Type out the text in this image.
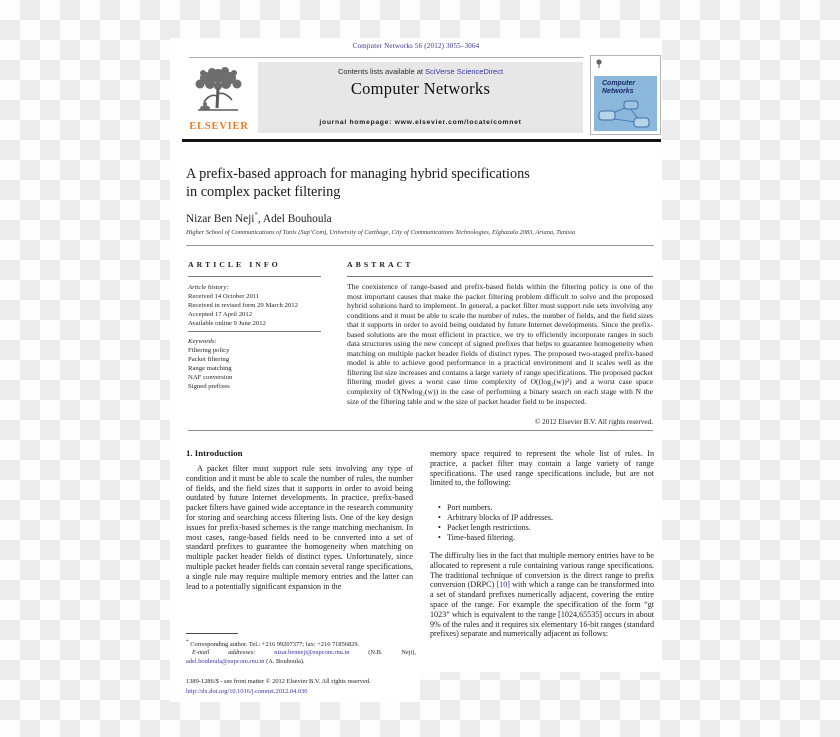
Computer Networks 56 (2012) 3055–3064
ELSEVIER
Contents lists available at SciVerse ScienceDirect
Computer Networks
journal homepage: www.elsevier.com/locate/comnet
Computer
Networks
A prefix-based approach for managing hybrid specifications
in complex packet filtering
Nizar Ben Neji*, Adel Bouhoula
Higher School of Communications of Tunis (Sup’Com), University of Carthage, City of Communications Technologies, Elghazala 2083, Ariana, Tunisia
ARTICLE INFO	ABSTRACT
Article history:
Received 14 October 2011
Received in revised form 29 March 2012
Accepted 17 April 2012
Available online 9 June 2012
Keywords:
Filtering policy
Packet filtering
Range matching
NAF conversion
Signed prefixes
The coexistence of range-based and prefix-based fields within the filtering policy is one of the most important causes that make the packet filtering problem difficult to solve and the proposed hybrid solutions hard to implement. In general, a packet filter must support rule sets involving any conditions and it must be able to scale the number of rules, the number of fields, and the field sizes that it supports in order to avoid being outdated by future Internet developments. Since the prefix-based solutions are the most efficient in practice, we try to efficiently incorporate ranges in such data structures using the new concept of signed prefixes that helps to guarantee homogeneity when matching on multiple packet header fields of distinct types. The proposed two-staged prefix-based model is able to achieve good performance in a practical environment and it scales well as the filtering list size increases and contains a large variety of range specifications. The proposed packet filtering model gives a worst case time complexity of O((log₂(w))²) and a worst case space complexity of O(Nwlog₂(w)) in the case of performing a binary search on each stage with N the size of the filtering table and w the size of packet header field to be inspected.
© 2012 Elsevier B.V. All rights reserved.
1. Introduction
A packet filter must support rule sets involving any type of condition and it must be able to scale the number of rules, the number of fields, and the field sizes that it supports in order to avoid being outdated by future Internet developments. In practice, prefix-based packet filters have gained wide acceptance in the research community for storing and searching access filtering lists. One of the key design issues for prefix-based schemes is the range matching mechanism. In most cases, range-based fields need to be converted into a set of standard prefixes to guarantee the homogeneity when matching on multiple packet header fields of distinct types. Unfortunately, since multiple packet header fields can contain several range specifications, a single rule may require multiple memory entries and the latter can lead to a potentially significant expansion in the
memory space required to represent the whole list of rules. In practice, a packet filter may contain a large variety of range specifications. The used range specifications include, but are not limited to, the following:
• Port numbers.
• Arbitrary blocks of IP addresses.
• Packet length restrictions.
• Time-based filtering.
The difficulty lies in the fact that multiple memory entries have to be allocated to represent a rule containing various range specifications. The traditional technique of conversion is the direct range to prefix conversion (DRPC) [10] with which a range can be transformed into a set of standard prefixes numerically adjacent, covering the entire space of the range. For example the specification of the form “gt 1023” which is equivalent to the range [1024,65535] occurs in about 9% of the rules and it requires six elementary 16-bit ranges (standard prefixes) separate and numerically adjacent as follows:
* Corresponding author. Tel.: +216 99207377; fax: +216 71856829.
E-mail addresses: nizar.benneji@supcom.rnu.tn (N.B. Neji), adel.bouhoula@supcom.rnu.tn (A. Bouhoula).
1389-1286/$ - see front matter © 2012 Elsevier B.V. All rights reserved.
http://dx.doi.org/10.1016/j.comnet.2012.04.030
